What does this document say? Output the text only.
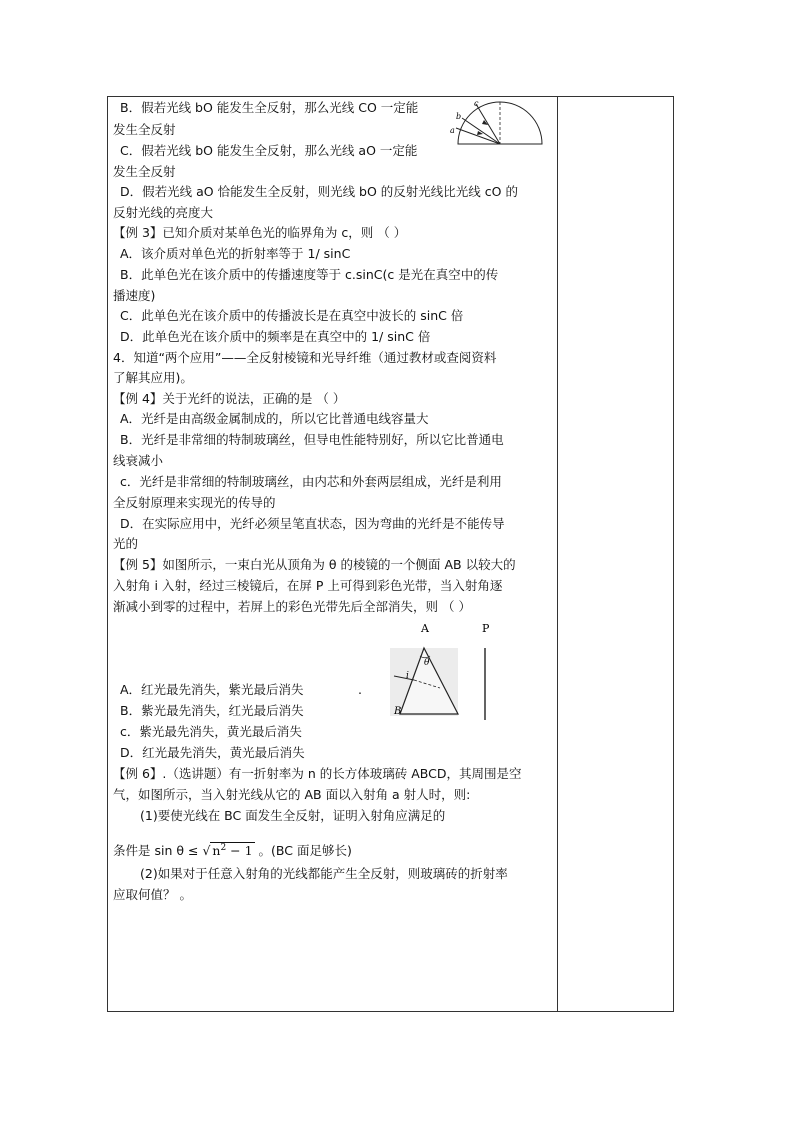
B．假若光线 bO 能发生全反射，那么光线 CO 一定能
发生全反射
C．假若光线 bO 能发生全反射，那么光线 aO 一定能
发生全反射
D．假若光线 aO 恰能发生全反射，则光线 bO 的反射光线比光线 cO 的
反射光线的亮度大
【例 3】已知介质对某单色光的临界角为 c，则 （ ）
A．该介质对单色光的折射率等于 1/ sinC
B．此单色光在该介质中的传播速度等于 c.sinC(c 是光在真空中的传
播速度)
C．此单色光在该介质中的传播波长是在真空中波长的 sinC 倍
D．此单色光在该介质中的频率是在真空中的 1/ sinC 倍
4．知道“两个应用”——全反射棱镜和光导纤维（通过教材或查阅资料
了解其应用)。
【例 4】关于光纤的说法，正确的是 （ ）
A．光纤是由高级金属制成的，所以它比普通电线容量大
B．光纤是非常细的特制玻璃丝，但导电性能特别好，所以它比普通电
线衰减小
c．光纤是非常细的特制玻璃丝，由内芯和外套两层组成，光纤是利用
全反射原理来实现光的传导的
D．在实际应用中，光纤必须呈笔直状态，因为弯曲的光纤是不能传导
光的
【例 5】如图所示，一束白光从顶角为 θ 的棱镜的一个侧面 AB 以较大的
入射角 i 入射，经过三棱镜后，在屏 P 上可得到彩色光带，当入射角逐
渐减小到零的过程中，若屏上的彩色光带先后全部消失，则 （ ）
A．红光最先消失，紫光最后消失	.
B．紫光最先消失，红光最后消失
c．紫光最先消失，黄光最后消失
D．红光最先消失，黄光最后消失
【例 6】.（选讲题）有一折射率为 n 的长方体玻璃砖 ABCD，其周围是空
气，如图所示，当入射光线从它的 AB 面以入射角 a 射人时，则:
(1)要使光线在 BC 面发生全反射，证明入射角应满足的
条件是 sin θ ≤ √ $n^2 - 1$ 。(BC 面足够长)
(2)如果对于任意入射角的光线都能产生全反射，则玻璃砖的折射率
应取何值？ 。
c
b
a
A	P
θ
i
B
